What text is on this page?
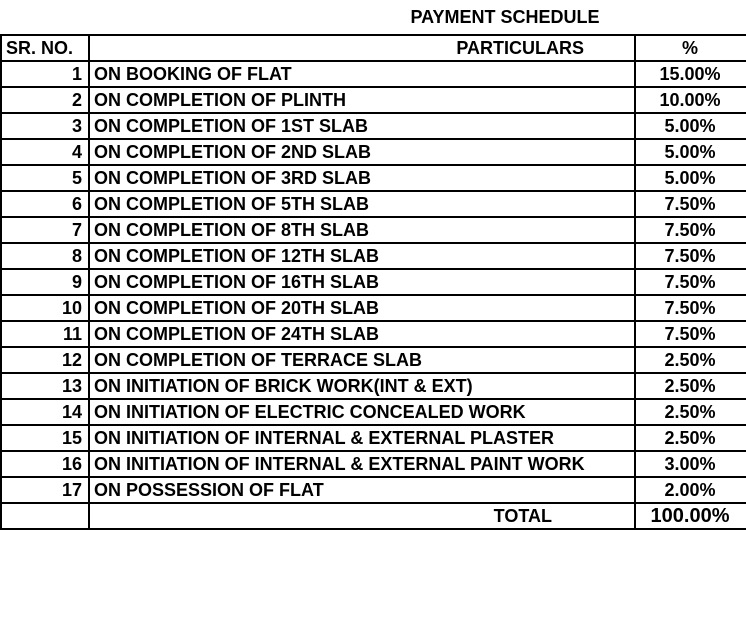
PAYMENT SCHEDULE
SR. NO.	PARTICULARS	%
1	ON BOOKING OF FLAT	15.00%
2	ON COMPLETION OF PLINTH	10.00%
3	ON COMPLETION OF 1ST SLAB	5.00%
4	ON COMPLETION OF 2ND SLAB	5.00%
5	ON COMPLETION OF 3RD SLAB	5.00%
6	ON COMPLETION OF 5TH SLAB	7.50%
7	ON COMPLETION OF 8TH SLAB	7.50%
8	ON COMPLETION OF 12TH SLAB	7.50%
9	ON COMPLETION OF 16TH SLAB	7.50%
10	ON COMPLETION OF 20TH SLAB	7.50%
11	ON COMPLETION OF 24TH SLAB	7.50%
12	ON COMPLETION OF TERRACE SLAB	2.50%
13	ON INITIATION OF BRICK WORK(INT & EXT)	2.50%
14	ON INITIATION OF ELECTRIC CONCEALED WORK	2.50%
15	ON INITIATION OF INTERNAL & EXTERNAL PLASTER	2.50%
16	ON INITIATION OF INTERNAL & EXTERNAL PAINT WORK	3.00%
17	ON POSSESSION OF FLAT	2.00%
	TOTAL	100.00%
